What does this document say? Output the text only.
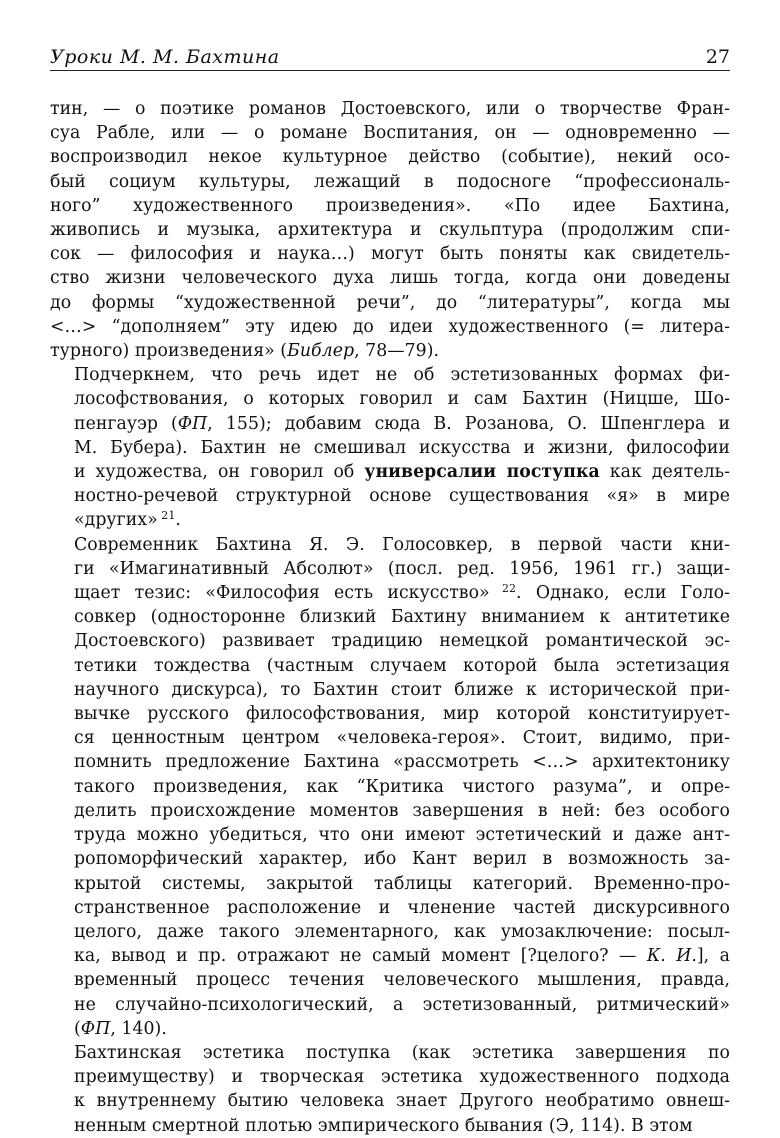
Уроки М. М. Бахтина	27

тин, — о поэтике романов Достоевского, или о творчестве Фран-
суа Рабле, или — о романе Воспитания, он — одновременно —
воспроизводил некое культурное действо (событие), некий осо-
бый социум культуры, лежащий в подосноге “профессиональ-
ного” художественного произведения». «По идее Бахтина,
живопись и музыка, архитектура и скульптура (продолжим спи-
сок — философия и наука…) могут быть поняты как свидетель-
ство жизни человеческого духа лишь тогда, когда они доведены
до формы “художественной речи”, до “литературы”, когда мы
<…> “дополняем” эту идею до идеи художественного (= литера-
турного) произведения» (Библер, 78—79).

Подчеркнем, что речь идет не об эстетизованных формах фи-
лософствования, о которых говорил и сам Бахтин (Ницше, Шо-
пенгауэр (ФП, 155); добавим сюда В. Розанова, О. Шпенглера и
М. Бубера). Бахтин не смешивал искусства и жизни, философии
и художества, он говорил об универсалии поступка как деятель-
ностно-речевой структурной основе существования «я» в мире
«других» $^{21}$.

Современник Бахтина Я. Э. Голосовкер, в первой части кни-
ги «Имагинативный Абсолют» (посл. ред. 1956, 1961 гг.) защи-
щает тезис: «Философия есть искусство» $^{22}$. Однако, если Голо-
совкер (односторонне близкий Бахтину вниманием к антитетике
Достоевского) развивает традицию немецкой романтической эс-
тетики тождества (частным случаем которой была эстетизация
научного дискурса), то Бахтин стоит ближе к исторической при-
вычке русского философствования, мир которой конституирует-
ся ценностным центром «человека-героя». Стоит, видимо, при-
помнить предложение Бахтина «рассмотреть <…> архитектонику
такого произведения, как “Критика чистого разума”, и опре-
делить происхождение моментов завершения в ней: без особого
труда можно убедиться, что они имеют эстетический и даже ант-
ропоморфический характер, ибо Кант верил в возможность за-
крытой системы, закрытой таблицы категорий. Временно-про-
странственное расположение и членение частей дискурсивного
целого, даже такого элементарного, как умозаключение: посыл-
ка, вывод и пр. отражают не самый момент [?целого? — К. И.], а
временный процесс течения человеческого мышления, правда,
не случайно-психологический, а эстетизованный, ритмический»
(ФП, 140).

Бахтинская эстетика поступка (как эстетика завершения по
преимуществу) и творческая эстетика художественного подхода
к внутреннему бытию человека знает Другого необратимо овнеш-
ненным смертной плотью эмпирического бывания (Э, 114). В этом
